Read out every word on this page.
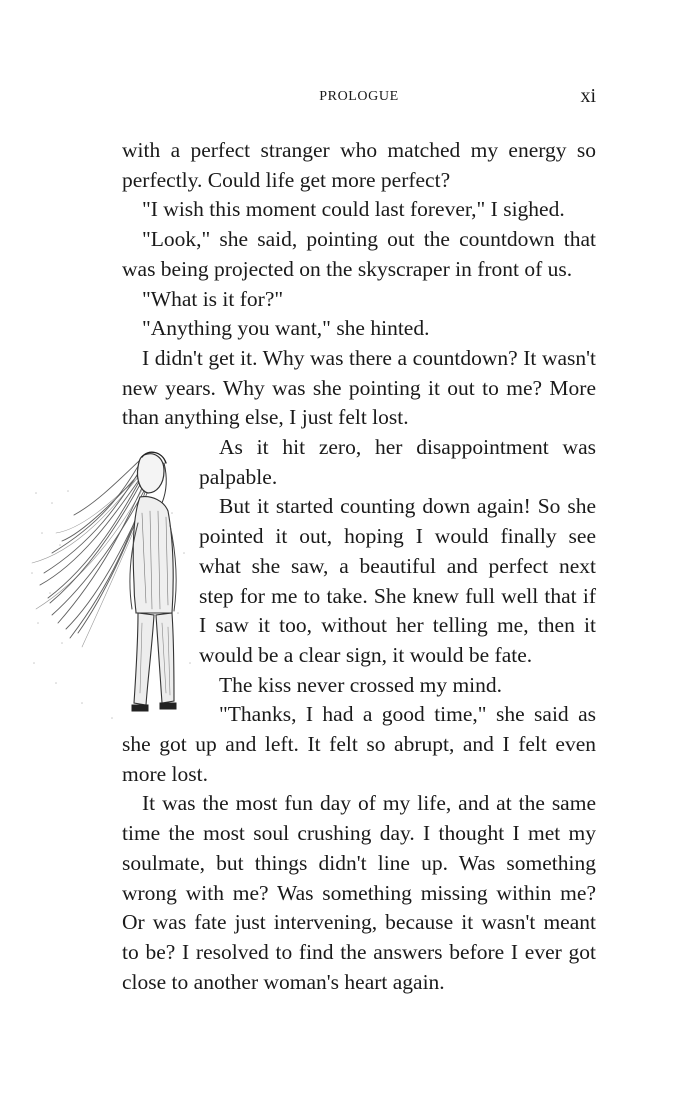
PROLOGUE	xi

with a perfect stranger who matched my energy so perfectly. Could life get more perfect?

"I wish this moment could last forever," I sighed.

"Look," she said, pointing out the countdown that was being projected on the skyscraper in front of us.

"What is it for?"

"Anything you want," she hinted.

I didn't get it. Why was there a countdown? It wasn't new years. Why was she pointing it out to me? More than anything else, I just felt lost.

As it hit zero, her disappointment was palpable.

But it started counting down again! So she pointed it out, hoping I would finally see what she saw, a beautiful and perfect next step for me to take. She knew full well that if I saw it too, without her telling me, then it would be a clear sign, it would be fate.

The kiss never crossed my mind.

"Thanks, I had a good time," she said as she got up and left. It felt so abrupt, and I felt even more lost.

It was the most fun day of my life, and at the same time the most soul crushing day. I thought I met my soulmate, but things didn't line up. Was something wrong with me? Was something missing within me? Or was fate just intervening, because it wasn't meant to be? I resolved to find the answers before I ever got close to another woman's heart again.
